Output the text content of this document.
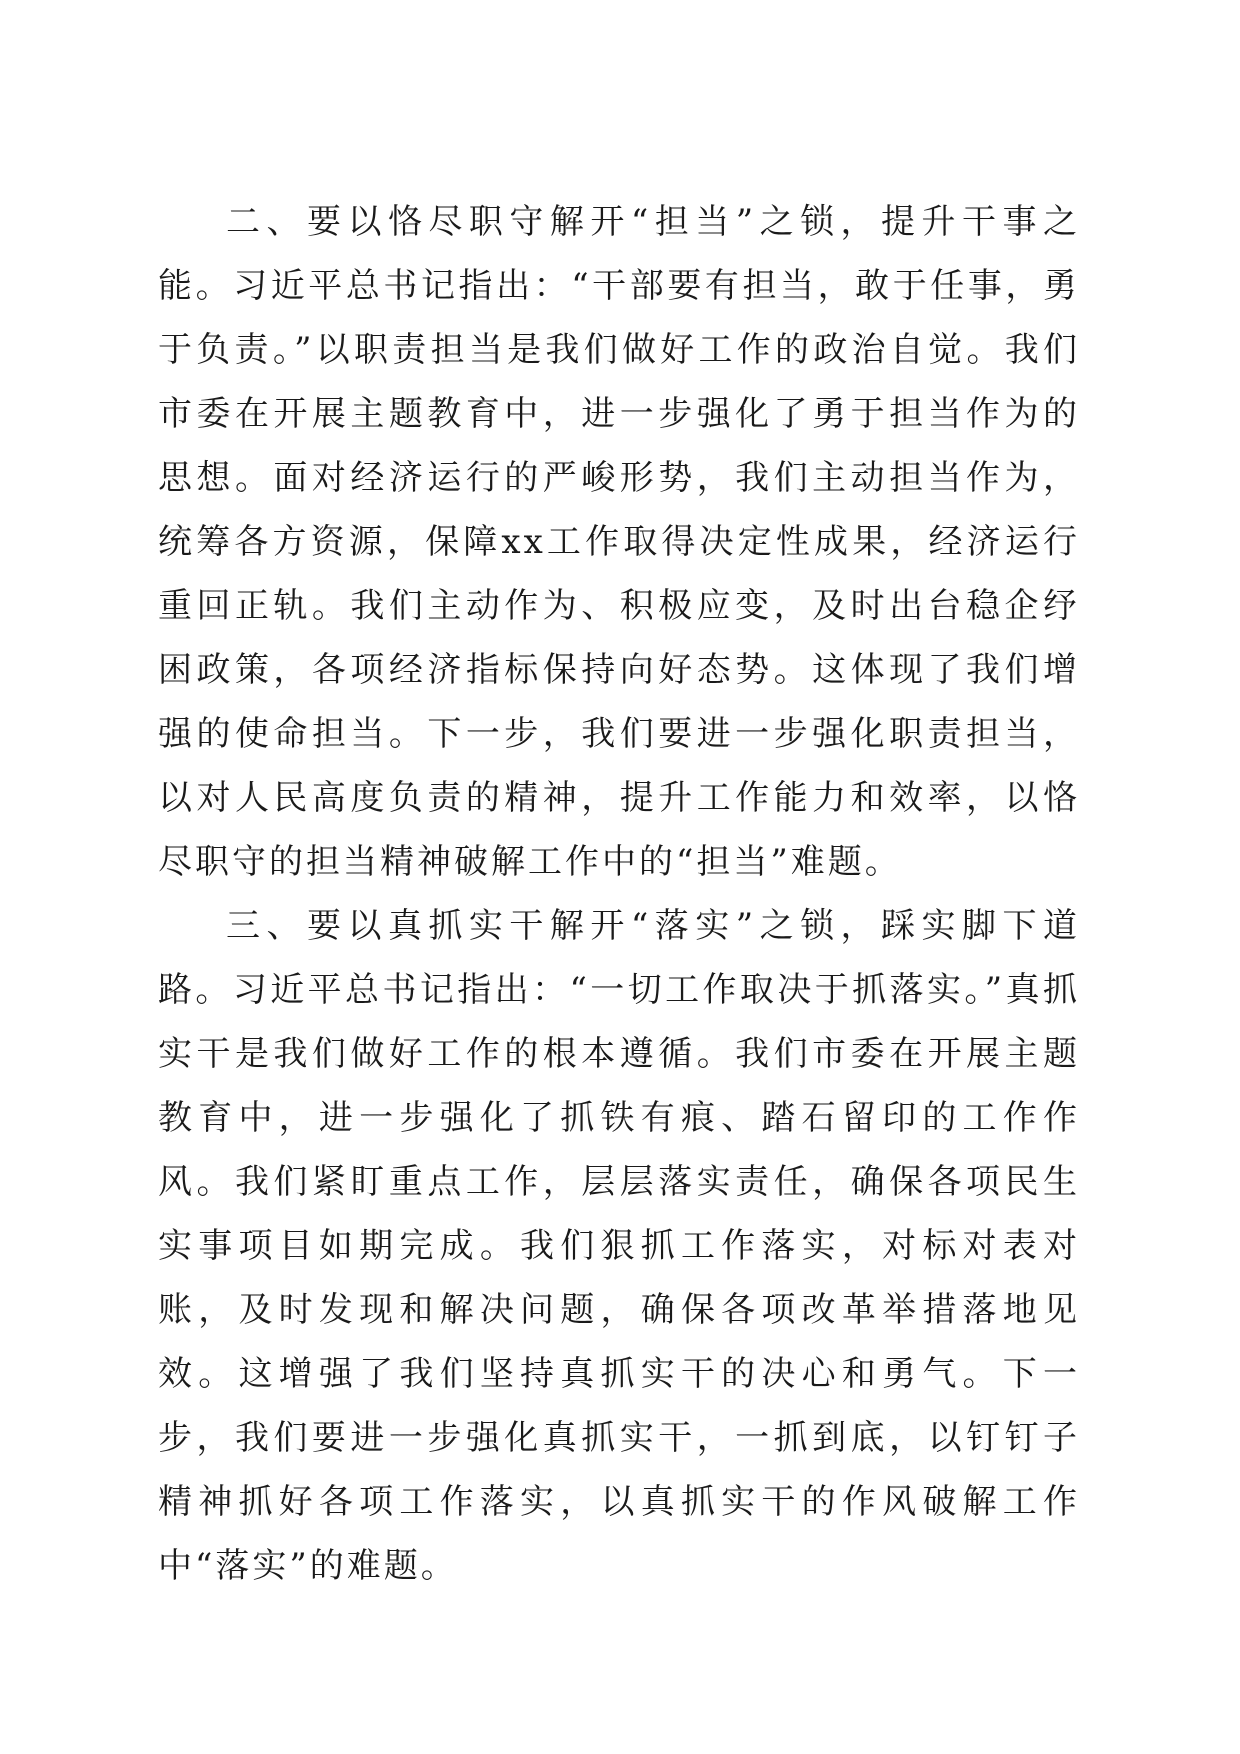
二、要以恪尽职守解开“担当”之锁，提升干事之能。习近平总书记指出：“干部要有担当，敢于任事，勇于负责。”以职责担当是我们做好工作的政治自觉。我们市委在开展主题教育中，进一步强化了勇于担当作为的思想。面对经济运行的严峻形势，我们主动担当作为，统筹各方资源，保障xx工作取得决定性成果，经济运行重回正轨。我们主动作为、积极应变，及时出台稳企纾困政策，各项经济指标保持向好态势。这体现了我们增强的使命担当。下一步，我们要进一步强化职责担当，以对人民高度负责的精神，提升工作能力和效率，以恪尽职守的担当精神破解工作中的“担当”难题。

三、要以真抓实干解开“落实”之锁，踩实脚下道路。习近平总书记指出：“一切工作取决于抓落实。”真抓实干是我们做好工作的根本遵循。我们市委在开展主题教育中，进一步强化了抓铁有痕、踏石留印的工作作风。我们紧盯重点工作，层层落实责任，确保各项民生实事项目如期完成。我们狠抓工作落实，对标对表对账，及时发现和解决问题，确保各项改革举措落地见效。这增强了我们坚持真抓实干的决心和勇气。下一步，我们要进一步强化真抓实干，一抓到底，以钉钉子精神抓好各项工作落实，以真抓实干的作风破解工作中“落实”的难题。
